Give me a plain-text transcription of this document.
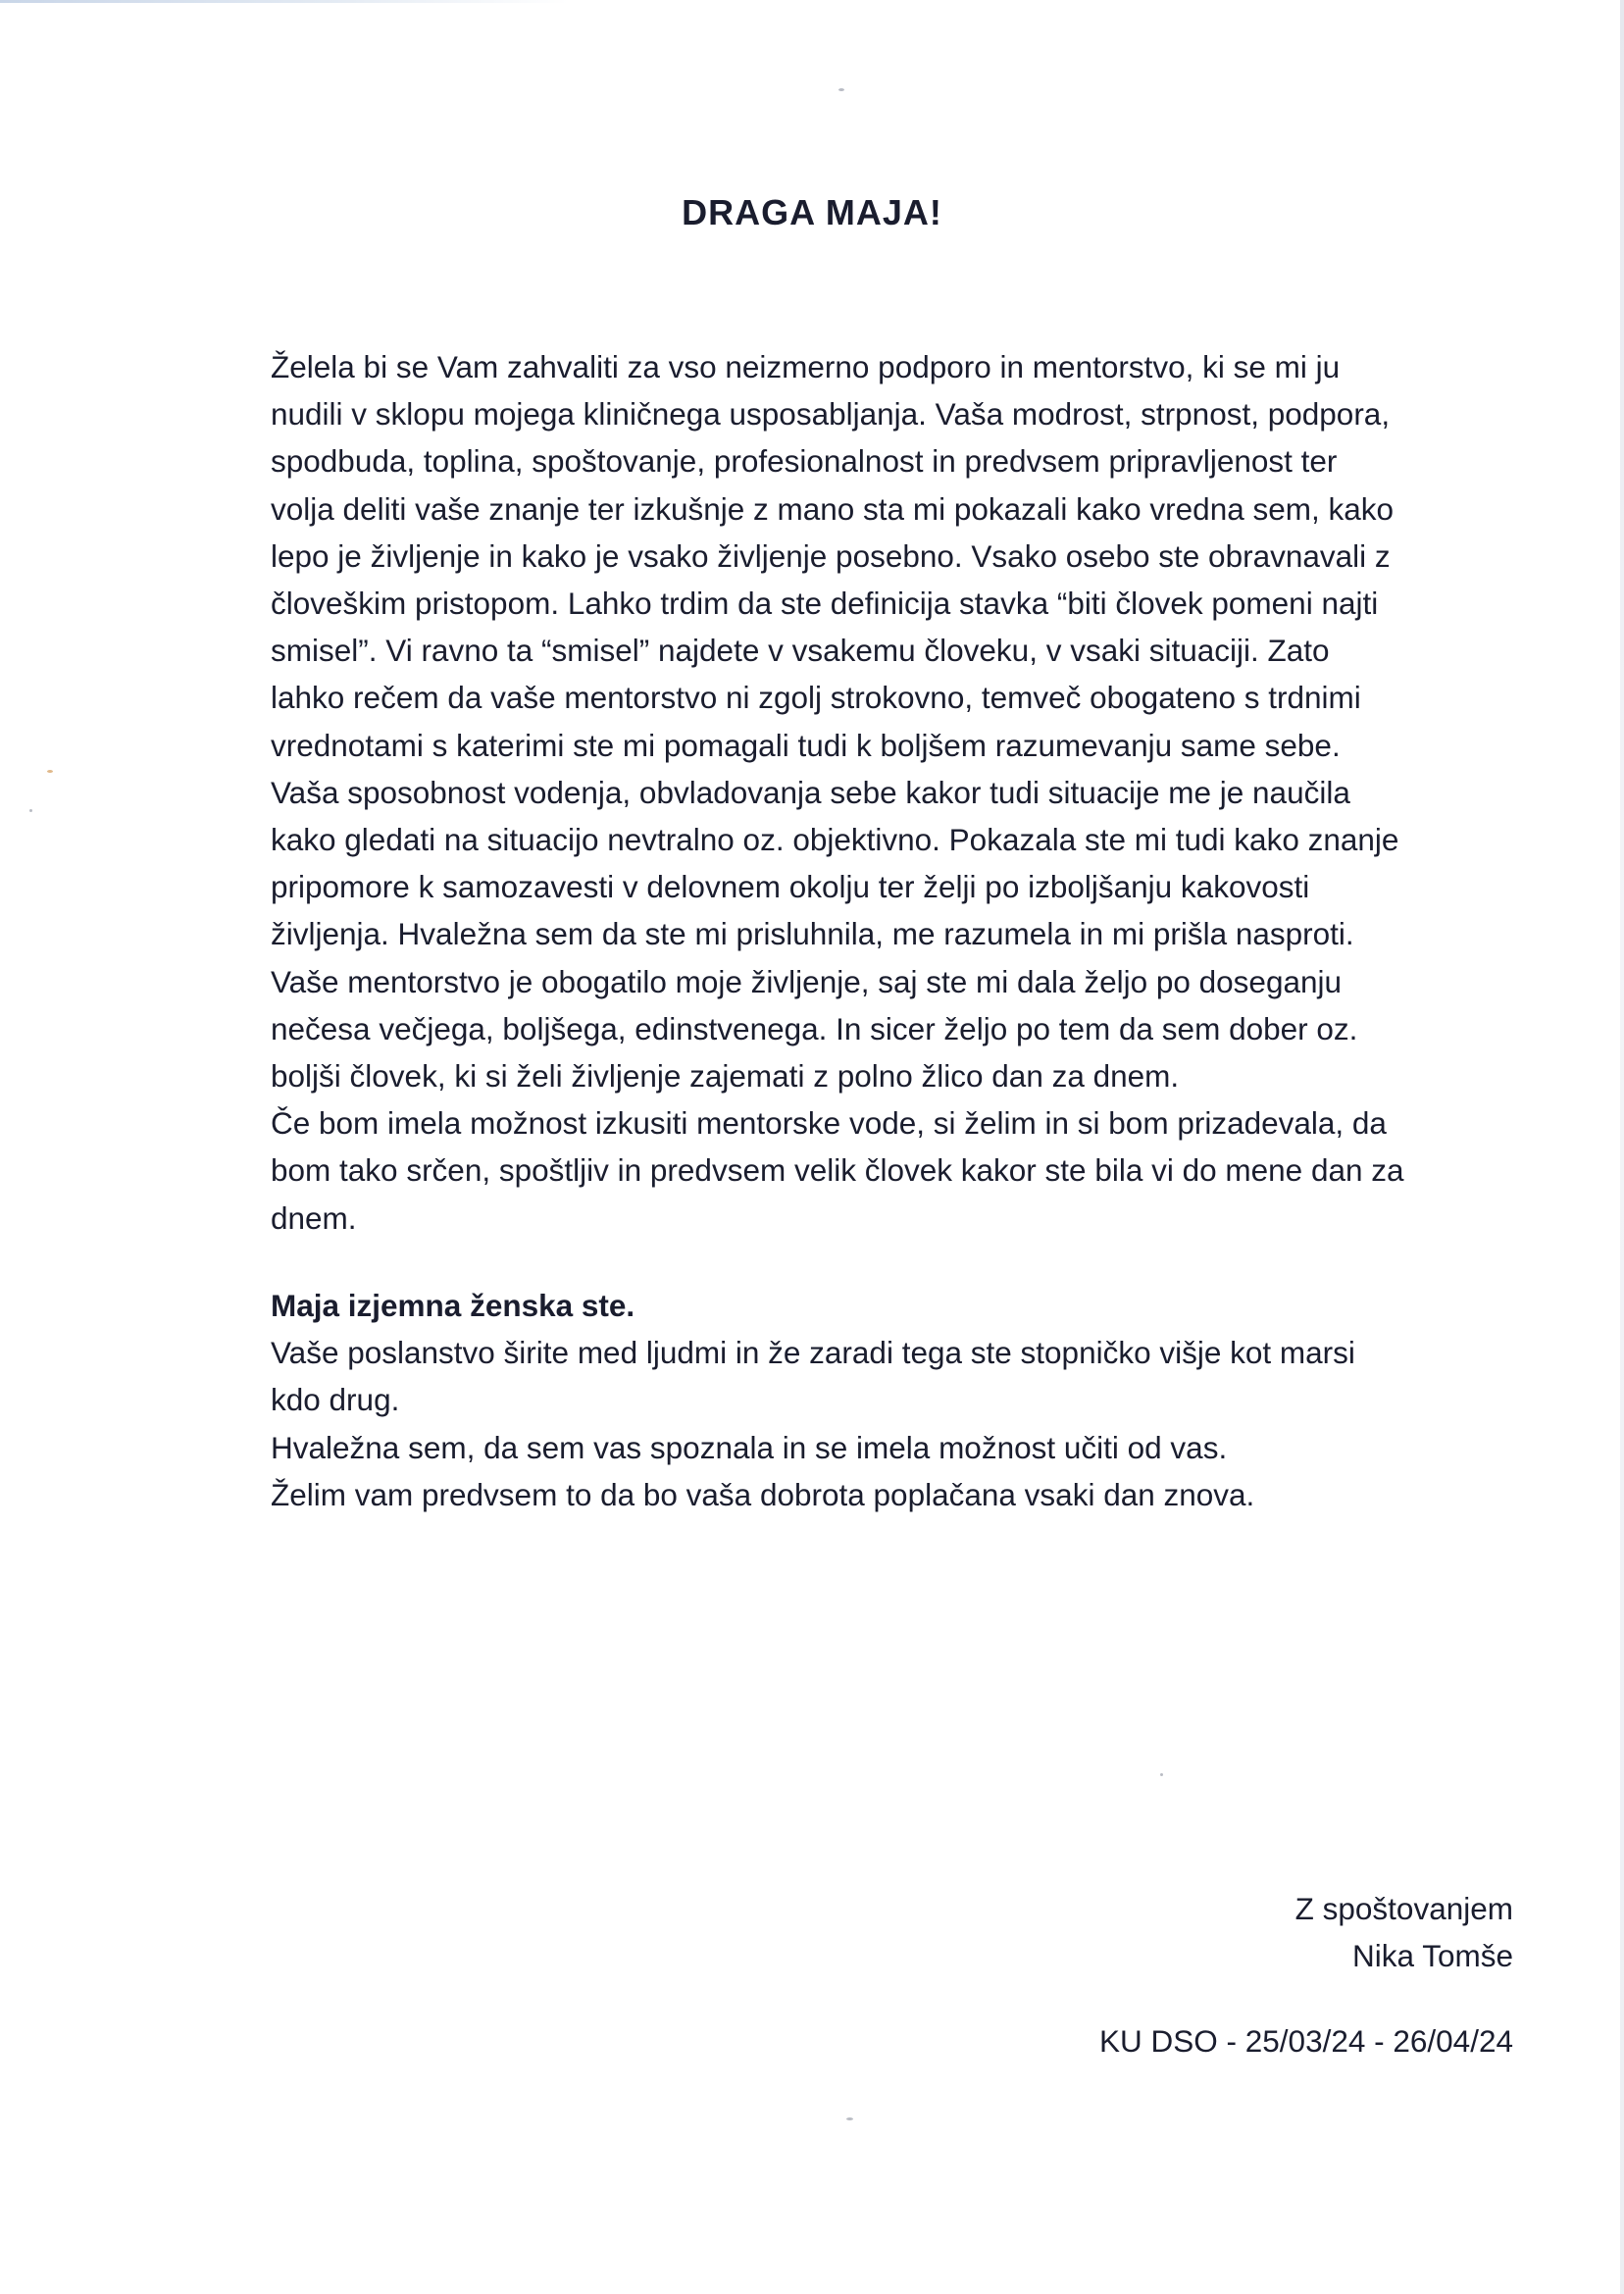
DRAGA MAJA!

Želela bi se Vam zahvaliti za vso neizmerno podporo in mentorstvo, ki se mi ju

nudili v sklopu mojega kliničnega usposabljanja. Vaša modrost, strpnost, podpora,

spodbuda, toplina, spoštovanje, profesionalnost in predvsem pripravljenost ter

volja deliti vaše znanje ter izkušnje z mano sta mi pokazali kako vredna sem, kako

lepo je življenje in kako je vsako življenje posebno. Vsako osebo ste obravnavali z

človeškim pristopom. Lahko trdim da ste definicija stavka “biti človek pomeni najti

smisel”. Vi ravno ta “smisel” najdete v vsakemu človeku, v vsaki situaciji. Zato

lahko rečem da vaše mentorstvo ni zgolj strokovno, temveč obogateno s trdnimi

vrednotami s katerimi ste mi pomagali tudi k boljšem razumevanju same sebe.

Vaša sposobnost vodenja, obvladovanja sebe kakor tudi situacije me je naučila

kako gledati na situacijo nevtralno oz. objektivno. Pokazala ste mi tudi kako znanje

pripomore k samozavesti v delovnem okolju ter želji po izboljšanju kakovosti

življenja. Hvaležna sem da ste mi prisluhnila, me razumela in mi prišla nasproti.

Vaše mentorstvo je obogatilo moje življenje, saj ste mi dala željo po doseganju

nečesa večjega, boljšega, edinstvenega. In sicer željo po tem da sem dober oz.

boljši človek, ki si želi življenje zajemati z polno žlico dan za dnem.

Če bom imela možnost izkusiti mentorske vode, si želim in si bom prizadevala, da

bom tako srčen, spoštljiv in predvsem velik človek kakor ste bila vi do mene dan za

dnem.

Maja izjemna ženska ste.

Vaše poslanstvo širite med ljudmi in že zaradi tega ste stopničko višje kot marsi

kdo drug.

Hvaležna sem, da sem vas spoznala in se imela možnost učiti od vas.

Želim vam predvsem to da bo vaša dobrota poplačana vsaki dan znova.

Z spoštovanjem

Nika Tomše

KU DSO - 25/03/24 - 26/04/24
